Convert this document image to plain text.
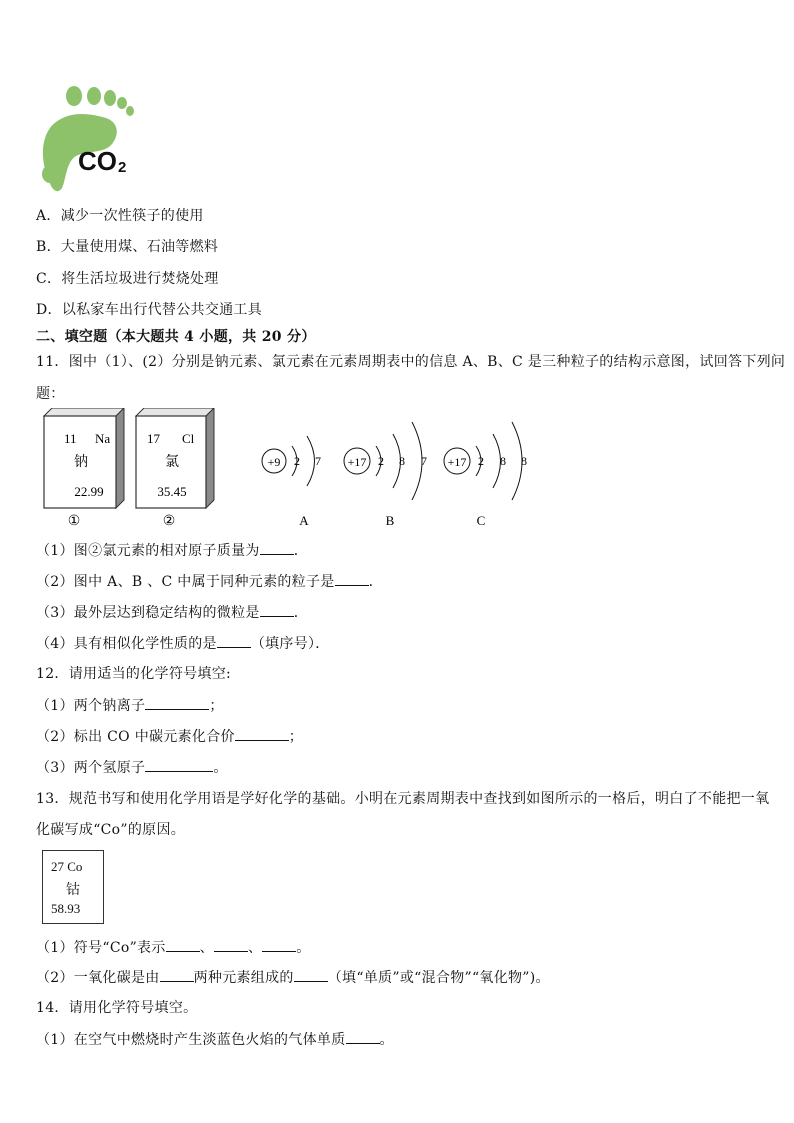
CO 2
A．减少一次性筷子的使用
B．大量使用煤、石油等燃料
C．将生活垃圾进行焚烧处理
D．以私家车出行代替公共交通工具
二、填空题（本大题共 4 小题，共 20 分）
11．图中（1）、(2）分别是钠元素、氯元素在元素周期表中的信息 A、B、C 是三种粒子的结构示意图，试回答下列问
题：
11 Na
钠
22.99
①
17 Cl
氯
35.45
②
+9 2 7
A
+17 2 8 7
B
+17 2 8 8
C
（1）图②氯元素的相对原子质量为 ．
（2）图中 A、B 、C 中属于同种元素的粒子是 ．
（3）最外层达到稳定结构的微粒是 ．
（4）具有相似化学性质的是 （填序号）．
12．请用适当的化学符号填空:
（1）两个钠离子	；
（2）标出 CO 中碳元素化合价	；
（3）两个氢原子	。
13．规范书写和使用化学用语是学好化学的基础。小明在元素周期表中查找到如图所示的一格后，明白了不能把一氧
化碳写成“Co”的原因。
27 Co
钴
58.93
（1）符号“Co”表示 、 、 。
（2）一氧化碳是由 两种元素组成的 （填“单质”或“混合物”“氧化物”)。
14．请用化学符号填空。
（1）在空气中燃烧时产生淡蓝色火焰的气体单质 。
